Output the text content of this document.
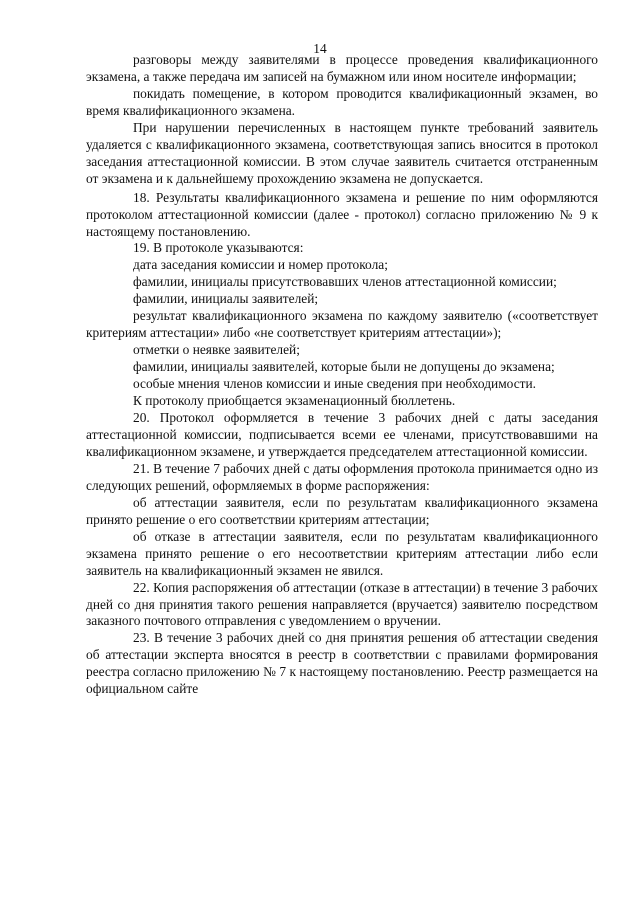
14

разговоры между заявителями в процессе проведения квалификационного экзамена, а также передача им записей на бумажном или ином носителе информации;

покидать помещение, в котором проводится квалификационный экзамен, во время квалификационного экзамена.

При нарушении перечисленных в настоящем пункте требований заявитель удаляется с квалификационного экзамена, соответствующая запись вносится в протокол заседания аттестационной комиссии. В этом случае заявитель считается отстраненным от экзамена и к дальнейшему прохождению экзамена не допускается.

18. Результаты квалификационного экзамена и решение по ним оформляются протоколом аттестационной комиссии (далее - протокол) согласно приложению № 9 к настоящему постановлению.

19. В протоколе указываются:

дата заседания комиссии и номер протокола;

фамилии, инициалы присутствовавших членов аттестационной комиссии;

фамилии, инициалы заявителей;

результат квалификационного экзамена по каждому заявителю («соответствует критериям аттестации» либо «не соответствует критериям аттестации»);

отметки о неявке заявителей;

фамилии, инициалы заявителей, которые были не допущены до экзамена;

особые мнения членов комиссии и иные сведения при необходимости.

К протоколу приобщается экзаменационный бюллетень.

20. Протокол оформляется в течение 3 рабочих дней с даты заседания аттестационной комиссии, подписывается всеми ее членами, присутствовавшими на квалификационном экзамене, и утверждается председателем аттестационной комиссии.

21. В течение 7 рабочих дней с даты оформления протокола принимается одно из следующих решений, оформляемых в форме распоряжения:

об аттестации заявителя, если по результатам квалификационного экзамена принято решение о его соответствии критериям аттестации;

об отказе в аттестации заявителя, если по результатам квалификационного экзамена принято решение о его несоответствии критериям аттестации либо если заявитель на квалификационный экзамен не явился.

22. Копия распоряжения об аттестации (отказе в аттестации) в течение 3 рабочих дней со дня принятия такого решения направляется (вручается) заявителю посредством заказного почтового отправления с уведомлением о вручении.

23. В течение 3 рабочих дней со дня принятия решения об аттестации сведения об аттестации эксперта вносятся в реестр в соответствии с правилами формирования реестра согласно приложению № 7 к настоящему постановлению. Реестр размещается на официальном сайте
